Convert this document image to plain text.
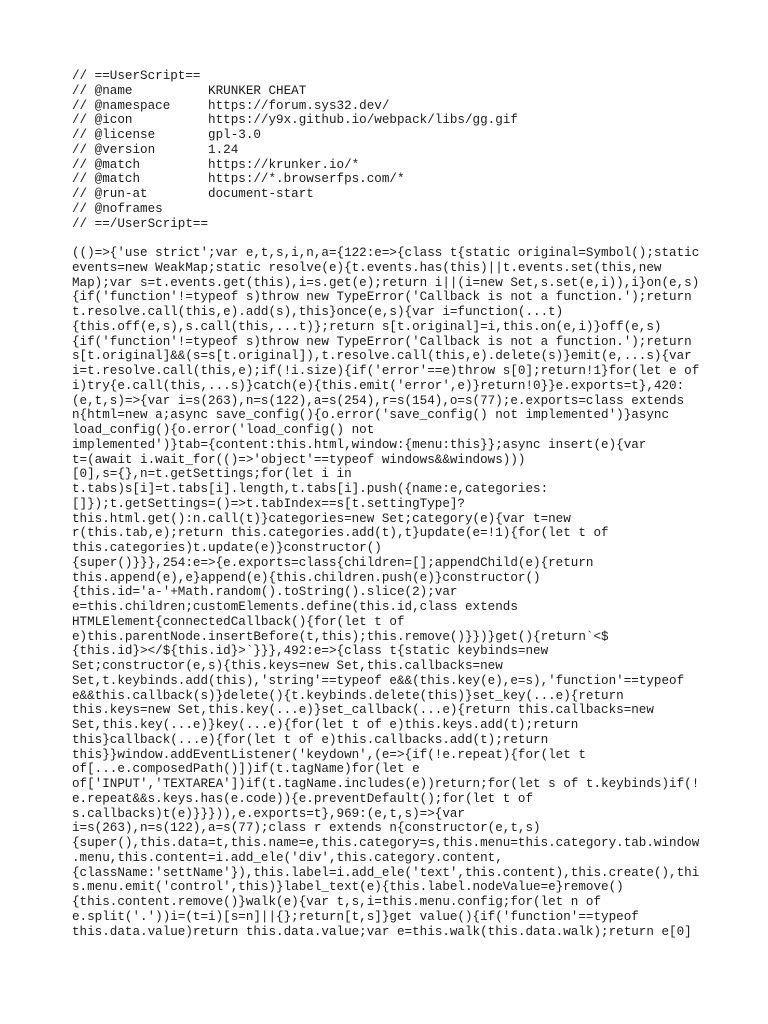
// ==UserScript==
// @name          KRUNKER CHEAT
// @namespace     https://forum.sys32.dev/
// @icon          https://y9x.github.io/webpack/libs/gg.gif
// @license       gpl-3.0
// @version       1.24
// @match         https://krunker.io/*
// @match         https://*.browserfps.com/*
// @run-at        document-start
// @noframes
// ==/UserScript==
(()=>{'use strict';var e,t,s,i,n,a={122:e=>{class t{static original=Symbol();static
events=new WeakMap;static resolve(e){t.events.has(this)||t.events.set(this,new
Map);var s=t.events.get(this),i=s.get(e);return i||(i=new Set,s.set(e,i)),i}on(e,s)
{if('function'!=typeof s)throw new TypeError('Callback is not a function.');return
t.resolve.call(this,e).add(s),this}once(e,s){var i=function(...t)
{this.off(e,s),s.call(this,...t)};return s[t.original]=i,this.on(e,i)}off(e,s)
{if('function'!=typeof s)throw new TypeError('Callback is not a function.');return
s[t.original]&&(s=s[t.original]),t.resolve.call(this,e).delete(s)}emit(e,...s){var
i=t.resolve.call(this,e);if(!i.size){if('error'==e)throw s[0];return!1}for(let e of
i)try{e.call(this,...s)}catch(e){this.emit('error',e)}return!0}}e.exports=t},420:
(e,t,s)=>{var i=s(263),n=s(122),a=s(254),r=s(154),o=s(77);e.exports=class extends
n{html=new a;async save_config(){o.error('save_config() not implemented')}async
load_config(){o.error('load_config() not
implemented')}tab={content:this.html,window:{menu:this}};async insert(e){var
t=(await i.wait_for(()=>'object'==typeof windows&&windows)))
[0],s={},n=t.getSettings;for(let i in
t.tabs)s[i]=t.tabs[i].length,t.tabs[i].push({name:e,categories:
[]});t.getSettings=()=>t.tabIndex==s[t.settingType]?
this.html.get():n.call(t)}categories=new Set;category(e){var t=new
r(this.tab,e);return this.categories.add(t),t}update(e=!1){for(let t of
this.categories)t.update(e)}constructor()
{super()}}},254:e=>{e.exports=class{children=[];appendChild(e){return
this.append(e),e}append(e){this.children.push(e)}constructor()
{this.id='a-'+Math.random().toString().slice(2);var
e=this.children;customElements.define(this.id,class extends
HTMLElement{connectedCallback(){for(let t of
e)this.parentNode.insertBefore(t,this);this.remove()}})}get(){return`<$
{this.id}></${this.id}>`}}},492:e=>{class t{static keybinds=new
Set;constructor(e,s){this.keys=new Set,this.callbacks=new
Set,t.keybinds.add(this),'string'==typeof e&&(this.key(e),e=s),'function'==typeof
e&&this.callback(s)}delete(){t.keybinds.delete(this)}set_key(...e){return
this.keys=new Set,this.key(...e)}set_callback(...e){return this.callbacks=new
Set,this.key(...e)}key(...e){for(let t of e)this.keys.add(t);return
this}callback(...e){for(let t of e)this.callbacks.add(t);return
this}}window.addEventListener('keydown',(e=>{if(!e.repeat){for(let t
of[...e.composedPath()])if(t.tagName)for(let e
of['INPUT','TEXTAREA'])if(t.tagName.includes(e))return;for(let s of t.keybinds)if(!
e.repeat&&s.keys.has(e.code)){e.preventDefault();for(let t of
s.callbacks)t(e)}}})),e.exports=t},969:(e,t,s)=>{var
i=s(263),n=s(122),a=s(77);class r extends n{constructor(e,t,s)
{super(),this.data=t,this.name=e,this.category=s,this.menu=this.category.tab.window
.menu,this.content=i.add_ele('div',this.category.content,
{className:'settName'}),this.label=i.add_ele('text',this.content),this.create(),thi
s.menu.emit('control',this)}label_text(e){this.label.nodeValue=e}remove()
{this.content.remove()}walk(e){var t,s,i=this.menu.config;for(let n of
e.split('.'))i=(t=i)[s=n]||{};return[t,s]}get value(){if('function'==typeof
this.data.value)return this.data.value;var e=this.walk(this.data.walk);return e[0]
